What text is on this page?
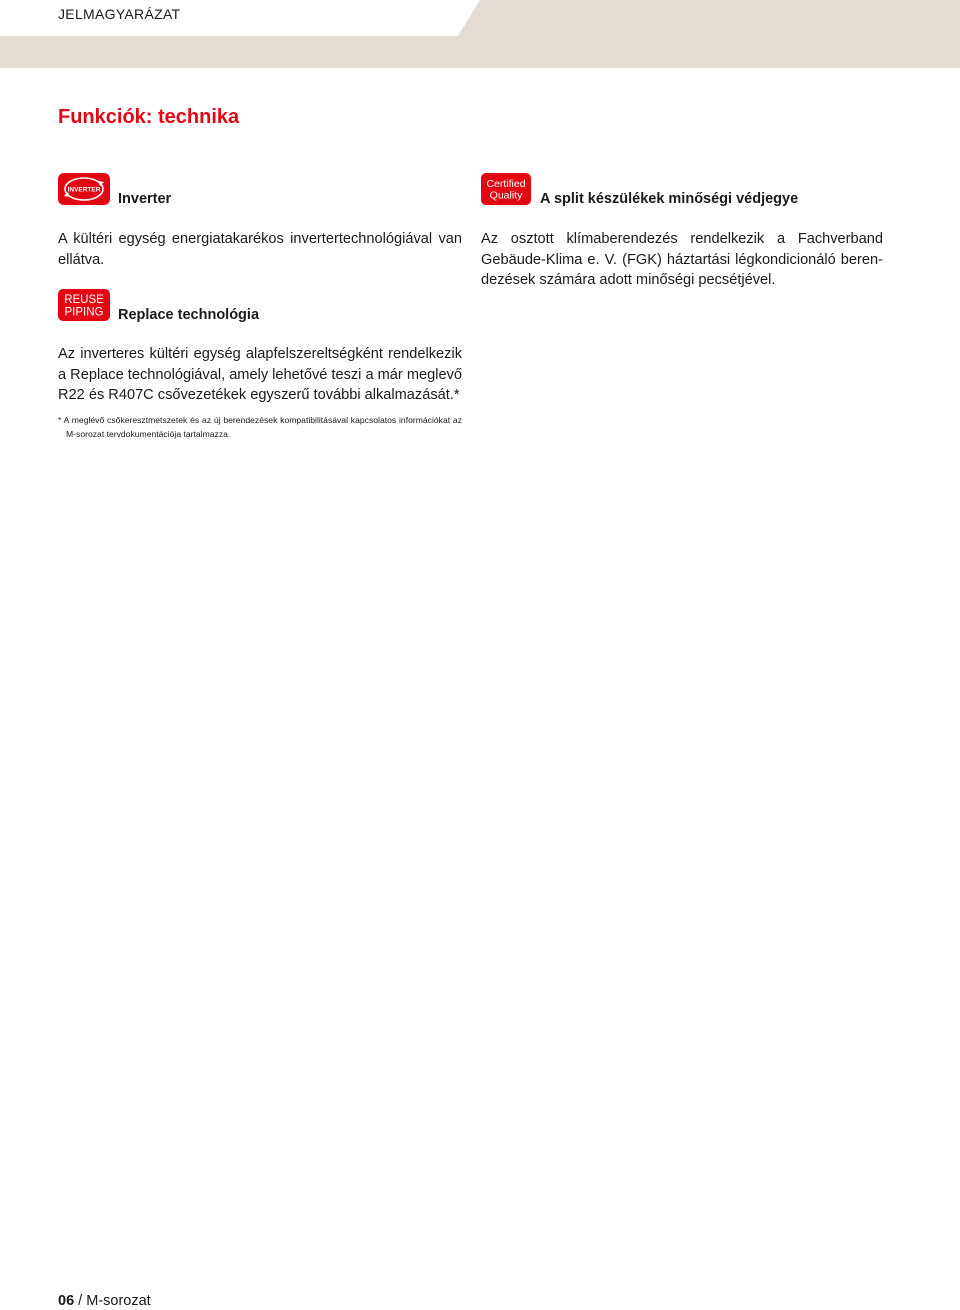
JELMAGYARÁZAT
Funkciók: technika
INVERTER
Inverter

A kültéri egység energiatakarékos invertertechnológiával van
ellátva.

Certified
Quality A split készülékek minőségi védjegye

Az osztott klímaberendezés rendelkezik a Fachverband
Gebäude-Klima e. V. (FGK) háztartási légkondicionáló beren-
dezések számára adott minőségi pecsétjével.

REUSE
PIPING Replace technológia

Az inverteres kültéri egység alapfelszereltségként rendelkezik
a Replace technológiával, amely lehetővé teszi a már meglevő
R22 és R407C csővezetékek egyszerű további alkalmazását.*

* A meglévő csőkeresztmetszetek és az új berendezések kompatibilitásával kapcsolatos információkat az
M-sorozat tervdokumentációja tartalmazza.
06 / M-sorozat
